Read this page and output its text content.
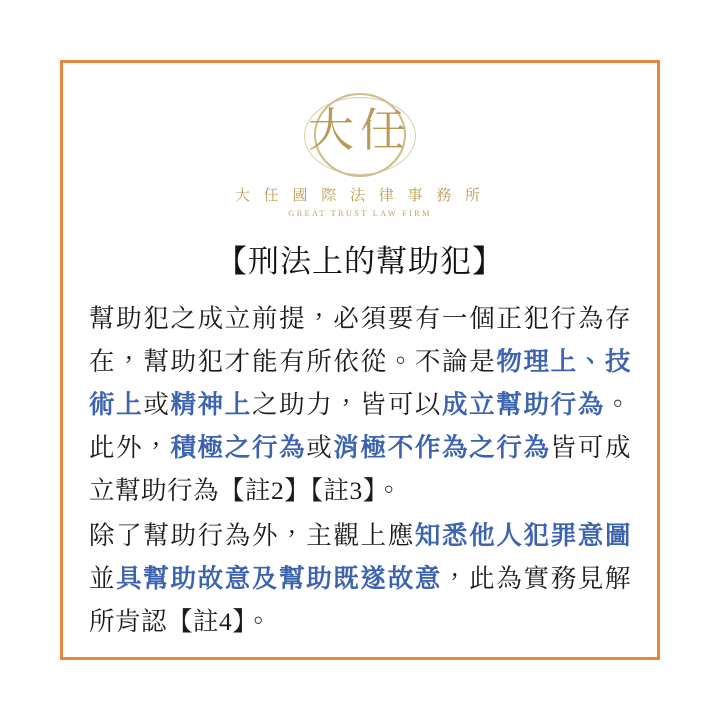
大任
大 任 國 際 法 律 事 務 所
GREAT TRUST LAW FIRM
【刑法上的幫助犯】

幫助犯之成立前提，必須要有一個正犯行為存在，幫助犯才能有所依從。不論是物理上、技術上或精神上之助力，皆可以成立幫助行為。此外，積極之行為或消極不作為之行為皆可成立幫助行為【註2】【註3】。

除了幫助行為外，主觀上應知悉他人犯罪意圖並具幫助故意及幫助既遂故意，此為實務見解所肯認【註4】。
